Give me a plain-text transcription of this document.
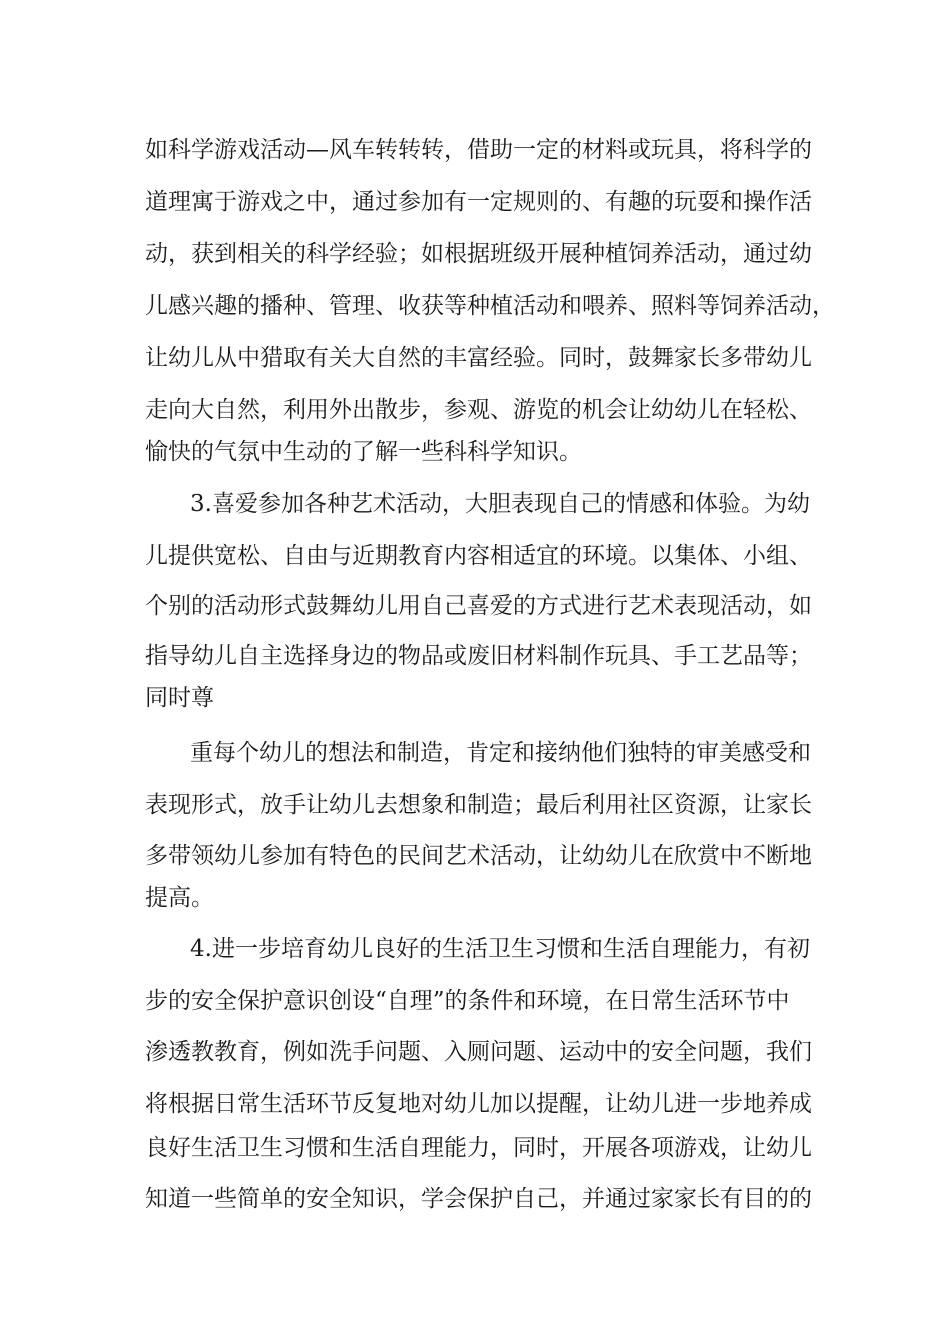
如科学游戏活动—风车转转转，借助一定的材料或玩具，将科学的
道理寓于游戏之中，通过参加有一定规则的、有趣的玩耍和操作活
动，获到相关的科学经验；如根据班级开展种植饲养活动，通过幼
儿感兴趣的播种、管理、收获等种植活动和喂养、照料等饲养活动，
让幼儿从中猎取有关大自然的丰富经验。同时，鼓舞家长多带幼儿
走向大自然，利用外出散步，参观、游览的机会让幼幼儿在轻松、
愉快的气氛中生动的了解一些科科学知识。
3.喜爱参加各种艺术活动，大胆表现自己的情感和体验。为幼
儿提供宽松、自由与近期教育内容相适宜的环境。以集体、小组、
个别的活动形式鼓舞幼儿用自己喜爱的方式进行艺术表现活动，如
指导幼儿自主选择身边的物品或废旧材料制作玩具、手工艺品等；
同时尊
重每个幼儿的想法和制造，肯定和接纳他们独特的审美感受和
表现形式，放手让幼儿去想象和制造；最后利用社区资源，让家长
多带领幼儿参加有特色的民间艺术活动，让幼幼儿在欣赏中不断地
提高。
4.进一步培育幼儿良好的生活卫生习惯和生活自理能力，有初
步的安全保护意识创设“自理”的条件和环境，在日常生活环节中
渗透教教育，例如洗手问题、入厕问题、运动中的安全问题，我们
将根据日常生活环节反复地对幼儿加以提醒，让幼儿进一步地养成
良好生活卫生习惯和生活自理能力，同时，开展各项游戏，让幼儿
知道一些简单的安全知识，学会保护自己，并通过家家长有目的的
